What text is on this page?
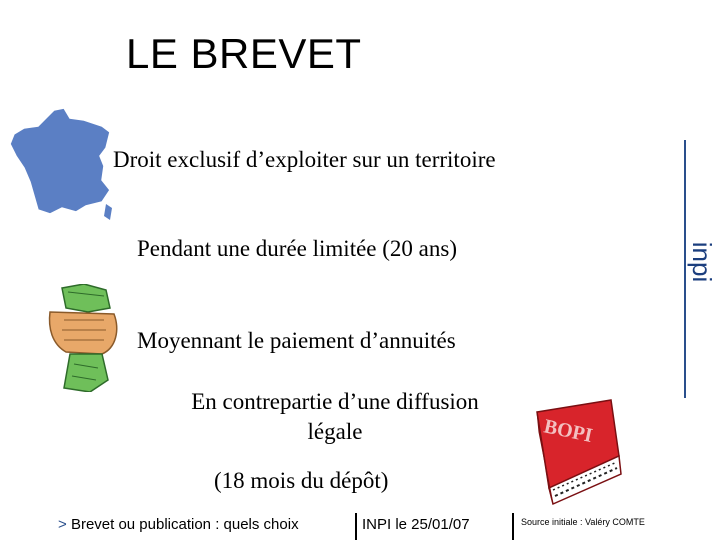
LE BREVET
Droit exclusif d’exploiter sur un territoire
Pendant une durée limitée (20 ans)
Moyennant le paiement d’annuités
En contrepartie d’une diffusion légale
(18 mois du dépôt)
BOPI
inpi
> Brevet ou publication : quels choix	INPI le 25/01/07	Source initiale : Valéry COMTE
